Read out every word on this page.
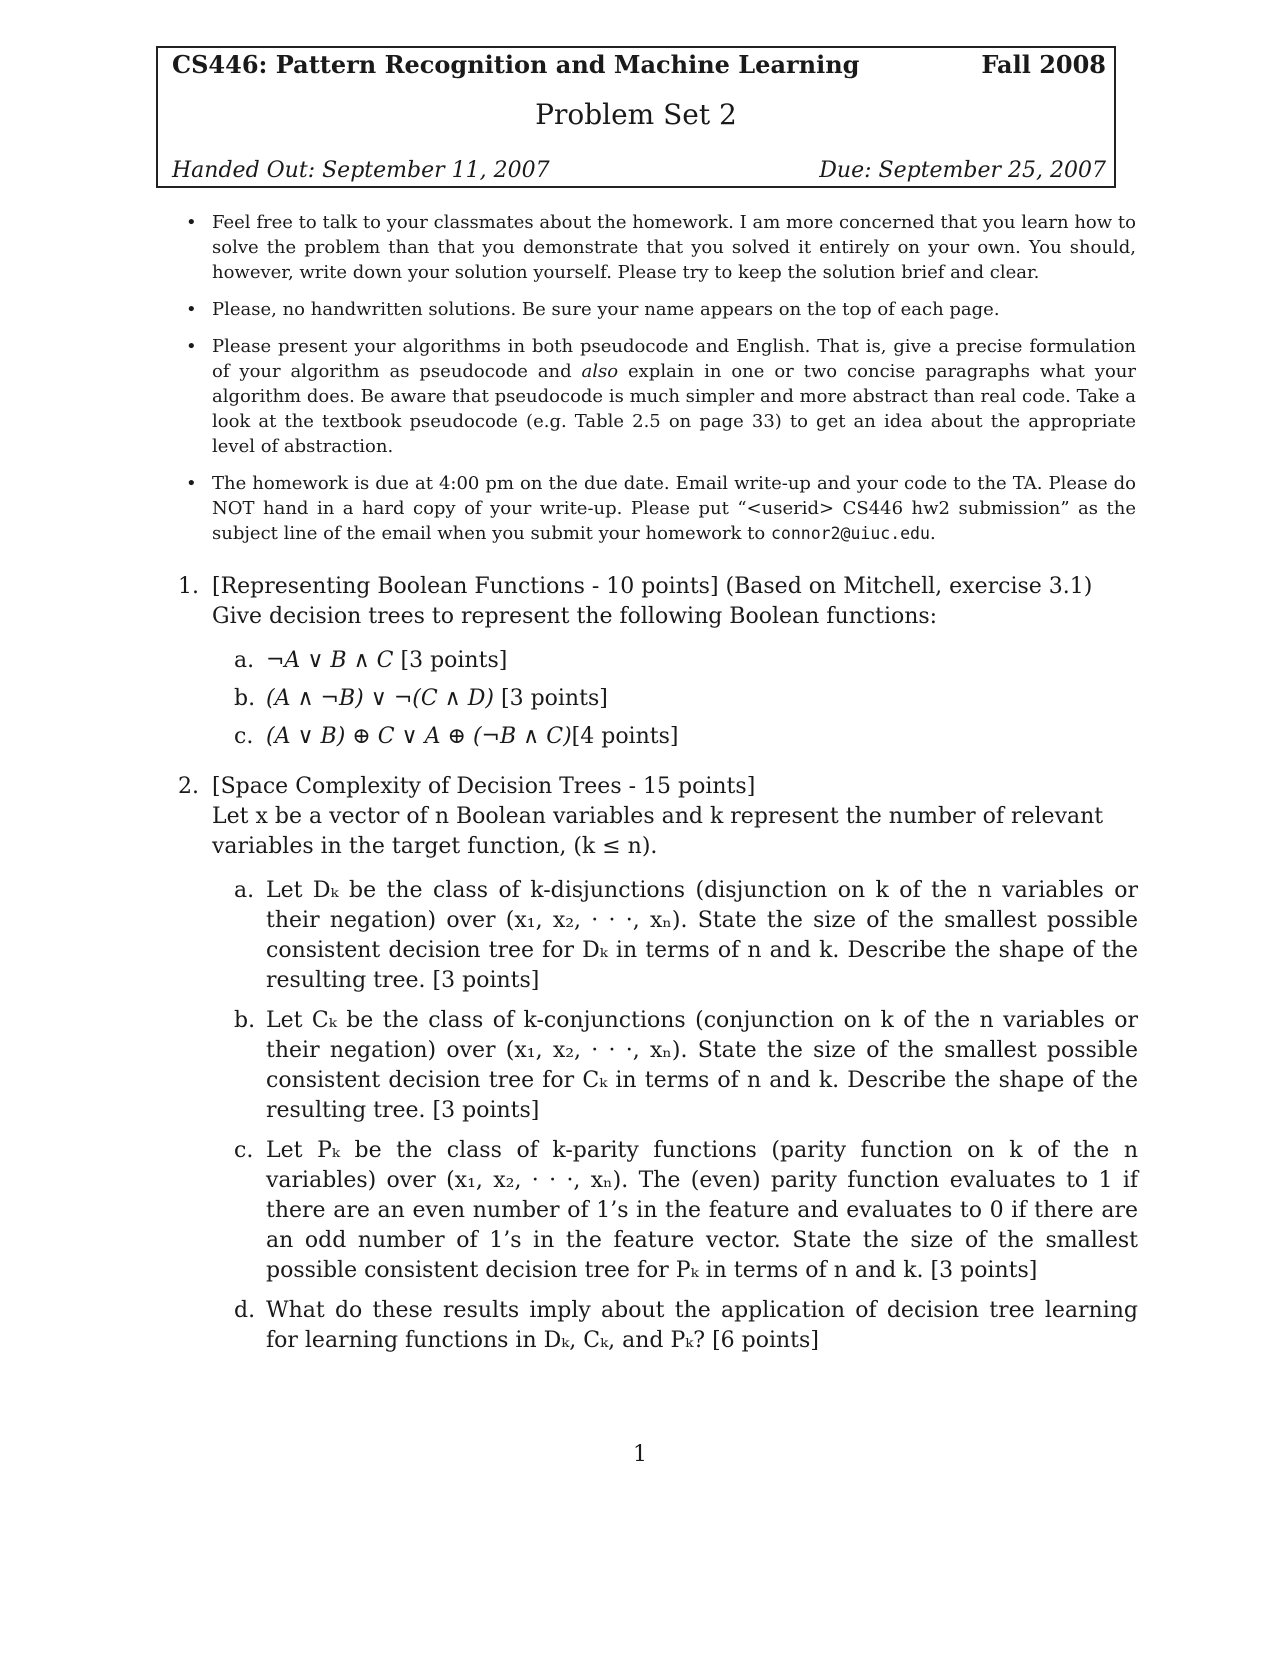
CS446: Pattern Recognition and Machine Learning	Fall 2008
Problem Set 2
Handed Out: September 11, 2007	Due: September 25, 2007
• Feel free to talk to your classmates about the homework. I am more concerned that you learn how to solve the problem than that you demonstrate that you solved it entirely on your own. You should, however, write down your solution yourself. Please try to keep the solution brief and clear.
• Please, no handwritten solutions. Be sure your name appears on the top of each page.
• Please present your algorithms in both pseudocode and English. That is, give a precise formulation of your algorithm as pseudocode and also explain in one or two concise paragraphs what your algorithm does. Be aware that pseudocode is much simpler and more abstract than real code. Take a look at the textbook pseudocode (e.g. Table 2.5 on page 33) to get an idea about the appropriate level of abstraction.
• The homework is due at 4:00 pm on the due date. Email write-up and your code to the TA. Please do NOT hand in a hard copy of your write-up. Please put “<userid> CS446 hw2 submission” as the subject line of the email when you submit your homework to connor2@uiuc.edu.
1. [Representing Boolean Functions - 10 points] (Based on Mitchell, exercise 3.1)
Give decision trees to represent the following Boolean functions:
a. ¬A ∨ B ∧ C [3 points]
b. (A ∧ ¬B) ∨ ¬(C ∧ D) [3 points]
c. (A ∨ B) ⊕ C ∨ A ⊕ (¬B ∧ C)[4 points]
2. [Space Complexity of Decision Trees - 15 points]
Let x be a vector of n Boolean variables and k represent the number of relevant variables in the target function, (k ≤ n).
a. Let Dₖ be the class of k-disjunctions (disjunction on k of the n variables or their negation) over (x₁, x₂, · · ·, xₙ). State the size of the smallest possible consistent decision tree for Dₖ in terms of n and k. Describe the shape of the resulting tree. [3 points]
b. Let Cₖ be the class of k-conjunctions (conjunction on k of the n variables or their negation) over (x₁, x₂, · · ·, xₙ). State the size of the smallest possible consistent decision tree for Cₖ in terms of n and k. Describe the shape of the resulting tree. [3 points]
c. Let Pₖ be the class of k-parity functions (parity function on k of the n variables) over (x₁, x₂, · · ·, xₙ). The (even) parity function evaluates to 1 if there are an even number of 1’s in the feature and evaluates to 0 if there are an odd number of 1’s in the feature vector. State the size of the smallest possible consistent decision tree for Pₖ in terms of n and k. [3 points]
d. What do these results imply about the application of decision tree learning for learning functions in Dₖ, Cₖ, and Pₖ? [6 points]
1
